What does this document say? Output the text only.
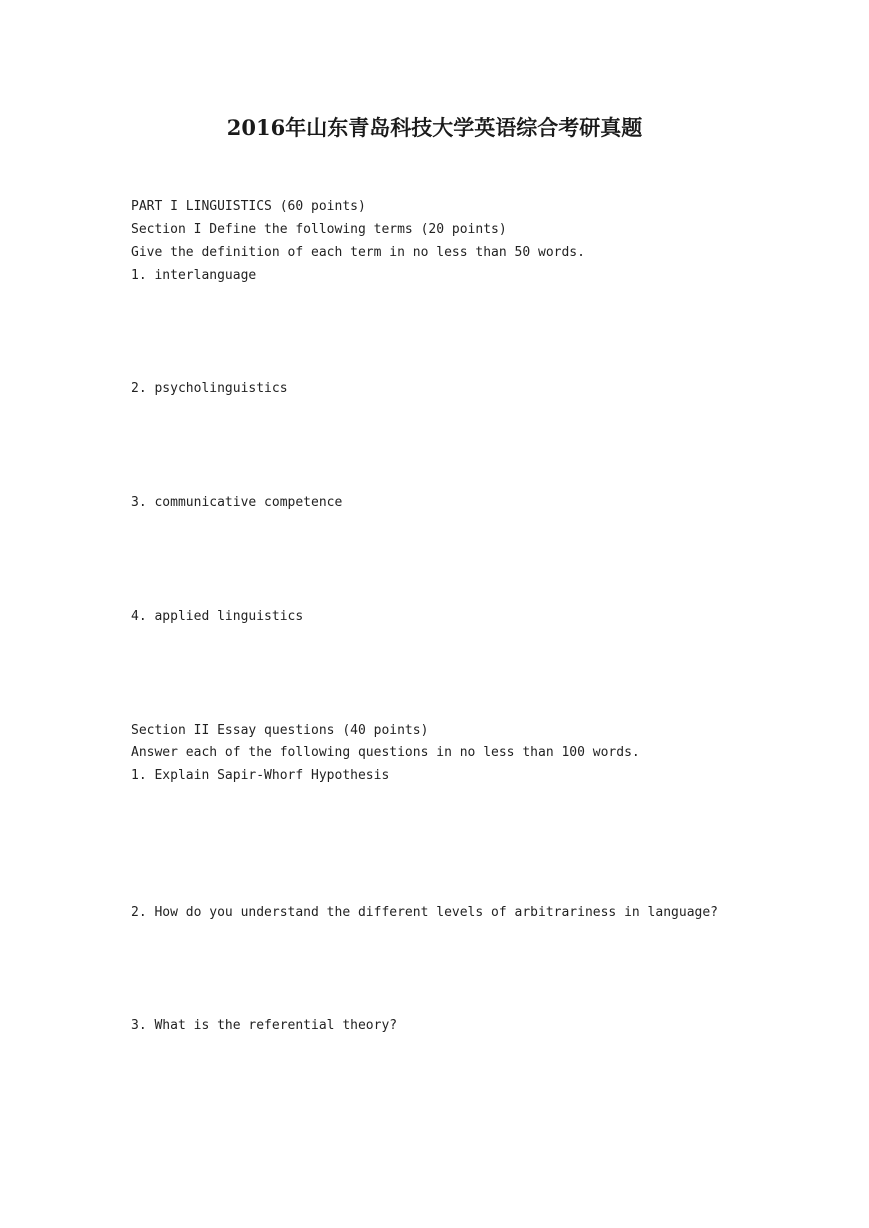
2016年山东青岛科技大学英语综合考研真题
PART I LINGUISTICS (60 points)
Section I Define the following terms (20 points)
Give the definition of each term in no less than 50 words.
1. interlanguage
2. psycholinguistics
3. communicative competence
4. applied linguistics
Section II Essay questions (40 points)
Answer each of the following questions in no less than 100 words.
1. Explain Sapir-Whorf Hypothesis
2. How do you understand the different levels of arbitrariness in language?
3. What is the referential theory?
